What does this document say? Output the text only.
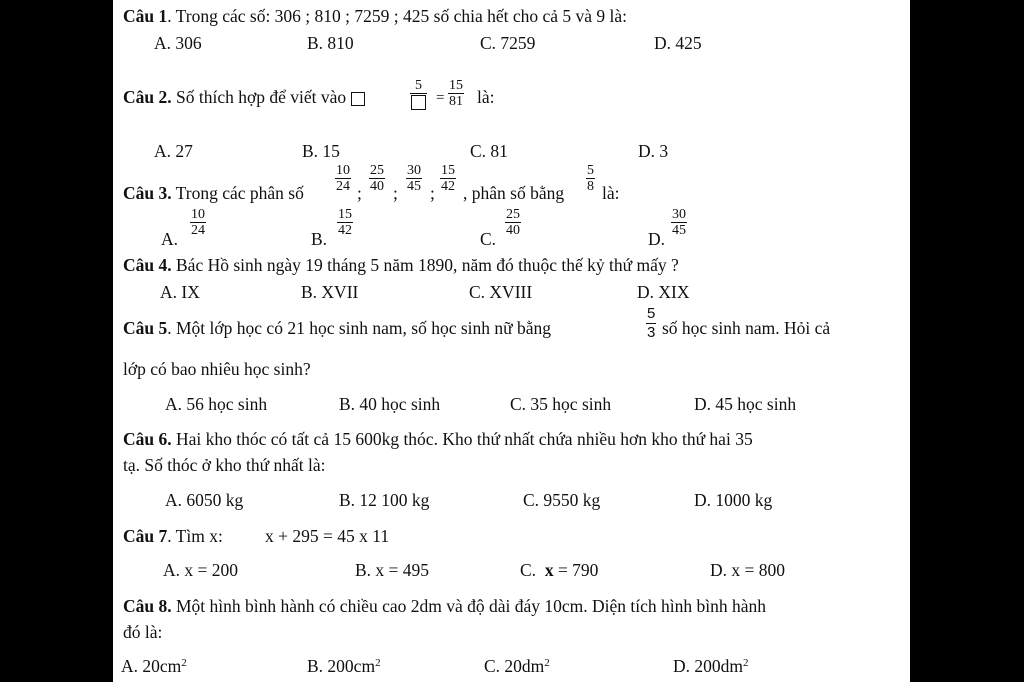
Câu 1. Trong các số: 306 ; 810 ; 7259 ; 425 số chia hết cho cả 5 và 9 là:
A. 306	B. 810	C. 7259	D. 425
Câu 2. Số thích hợp để viết vào
5
= $\frac{15}{81}$ là:
A. 27	B. 15	C. 81	D. 3
Câu 3. Trong các phân số $\frac{10}{24}$ ; $\frac{25}{40}$ ; $\frac{30}{45}$ ; $\frac{15}{42}$ , phân số bằng $\frac{5}{8}$ là:
A.
$\frac{10}{24}$
B.
$\frac{15}{42}$
C.
$\frac{25}{40}$
D.
$\frac{30}{45}$
Câu 4. Bác Hồ sinh ngày 19 tháng 5 năm 1890, năm đó thuộc thế kỷ thứ mấy ?
A. IX	B. XVII	C. XVIII	D. XIX
Câu 5. Một lớp học có 21 học sinh nam, số học sinh nữ bằng	$\frac{5}{3}$ số học sinh nam. Hỏi cả
lớp có bao nhiêu học sinh?
A. 56 học sinh	B. 40 học sinh	C. 35 học sinh	D. 45 học sinh
Câu 6. Hai kho thóc có tất cả 15 600kg thóc. Kho thứ nhất chứa nhiều hơn kho thứ hai 35
tạ. Số thóc ở kho thứ nhất là:
A. 6050 kg	B. 12 100 kg	C. 9550 kg	D. 1000 kg
Câu 7. Tìm x: x + 295 = 45 x 11
A. x = 200	B. x = 495	C. x = 790	D. x = 800
Câu 8. Một hình bình hành có chiều cao 2dm và độ dài đáy 10cm. Diện tích hình bình hành
đó là:
A. $20cm^2$	B. $200cm^2$	C. $20dm^2$	D. $200dm^2$
